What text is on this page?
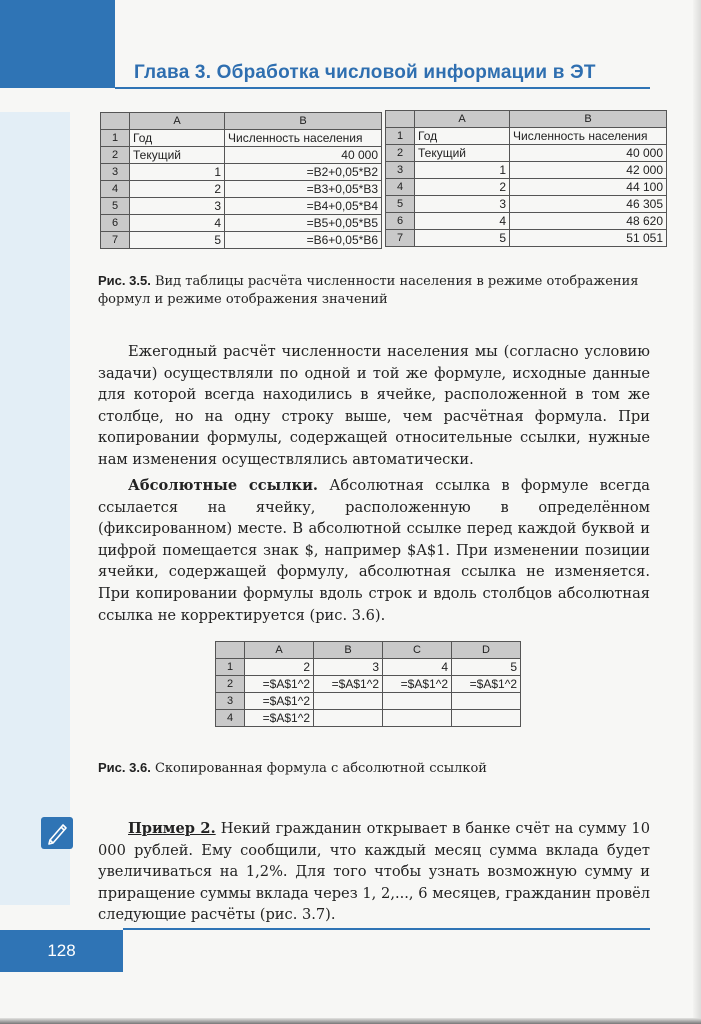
Глава 3. Обработка числовой информации в ЭТ
	A	B
1	Год	Численность населения
2	Текущий	40 000
3	1	=B2+0,05*B2
4	2	=B3+0,05*B3
5	3	=B4+0,05*B4
6	4	=B5+0,05*B5
7	5	=B6+0,05*B6
	A	B
1	Год	Численность населения
2	Текущий	40 000
3	1	42 000
4	2	44 100
5	3	46 305
6	4	48 620
7	5	51 051
Рис. 3.5. Вид таблицы расчёта численности населения в режиме отображения формул и режиме отображения значений
Ежегодный расчёт численности населения мы (согласно условию задачи) осуществляли по одной и той же формуле, исходные данные для которой всегда находились в ячейке, расположенной в том же столбце, но на одну строку выше, чем расчётная формула. При копировании формулы, содержащей относительные ссылки, нужные нам изменения осуществлялись автоматически.
Абсолютные ссылки. Абсолютная ссылка в формуле всегда ссылается на ячейку, расположенную в определённом (фиксированном) месте. В абсолютной ссылке перед каждой буквой и цифрой помещается знак $, например $A$1. При изменении позиции ячейки, содержащей формулу, абсолютная ссылка не изменяется. При копировании формулы вдоль строк и вдоль столбцов абсолютная ссылка не корректируется (рис. 3.6).
	A	B	C	D
1	2	3	4	5
2	=$A$1^2	=$A$1^2	=$A$1^2	=$A$1^2
3	=$A$1^2			
4	=$A$1^2			
Рис. 3.6. Скопированная формула с абсолютной ссылкой
Пример 2. Некий гражданин открывает в банке счёт на сумму 10 000 рублей. Ему сообщили, что каждый месяц сумма вклада будет увеличиваться на 1,2%. Для того чтобы узнать возможную сумму и приращение суммы вклада через 1, 2,..., 6 месяцев, гражданин провёл следующие расчёты (рис. 3.7).
128
